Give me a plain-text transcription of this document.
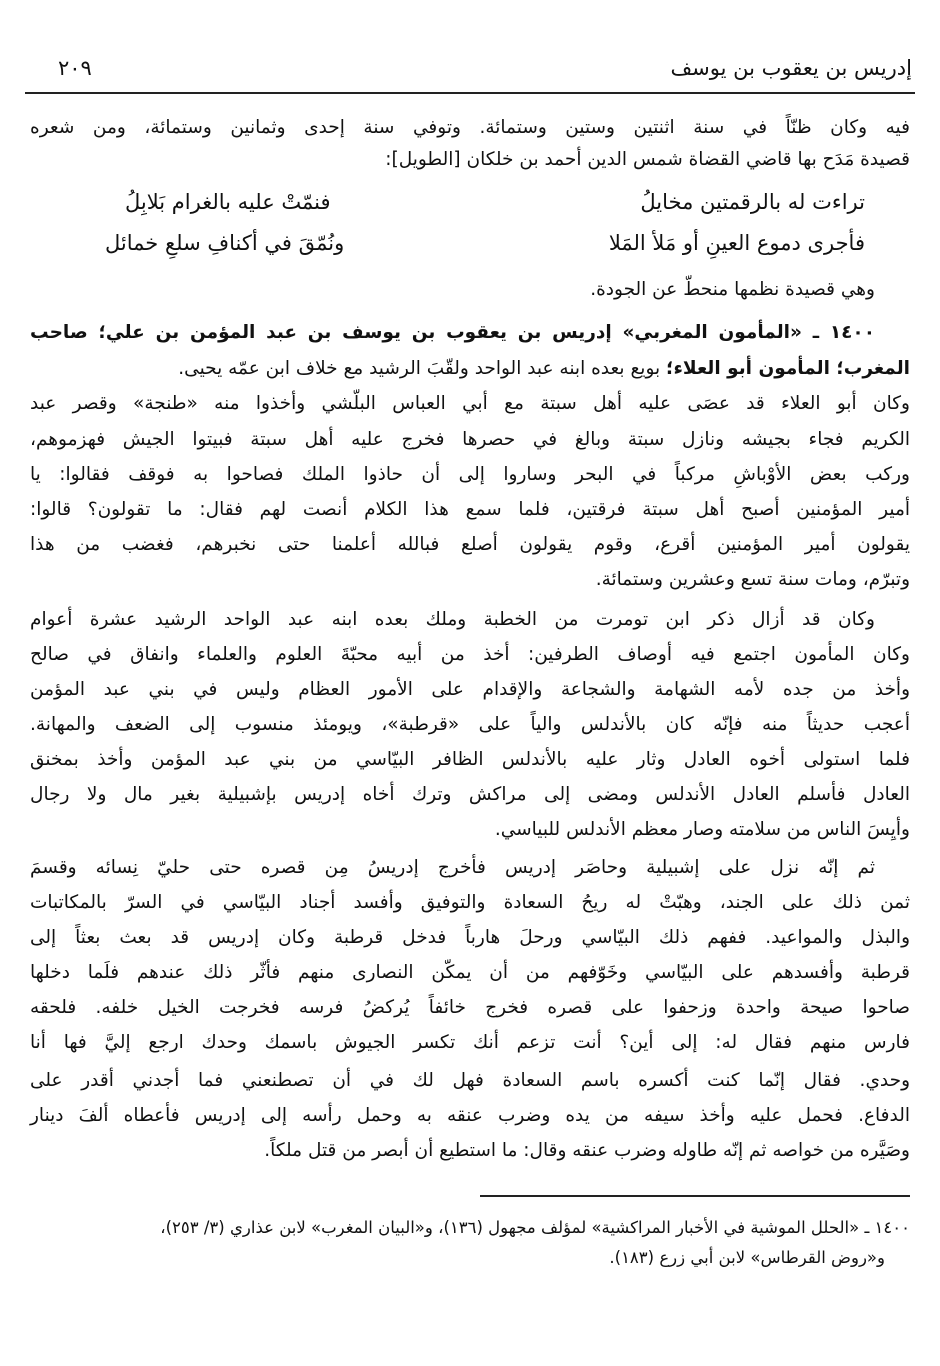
إدريس بن يعقوب بن يوسف
٢٠٩
فيه وكان ظنّاً في سنة اثنتين وستين وستمائة. وتوفي سنة إحدى وثمانين وستمائة، ومن شعره
قصيدة مَدَح بها قاضي القضاة شمس الدين أحمد بن خلكان [الطويل]:
تراءت له بالرقمتين مخايلُ
فنمّتْ عليه بالغرام بَلابِلُ
فأجرى دموع العينِ أو مَلأ المَلا
ونُمّقَ في أكنافِ سلعِ خمائل
وهي قصيدة نظمها منحطّ عن الجودة.
١٤٠٠ ـ «المأمون المغربي» إدريس بن يعقوب بن يوسف بن عبد المؤمن بن علي؛ صاحب
المغرب؛ المأمون أبو العلاء؛ بويع بعده ابنه عبد الواحد ولقّبَ الرشيد مع خلاف ابن عمّه يحيى.
وكان أبو العلاء قد عصَى عليه أهل سبتة مع أبي العباس البلّشي وأخذوا منه «طنجة» وقصر عبد
الكريم فجاء بجيشه ونازل سبتة وبالغ في حصرها فخرج عليه أهل سبتة فبيتوا الجيش فهزموهم،
وركب بعض الأوْباشِ مركباً في البحر وساروا إلى أن حاذوا الملك فصاحوا به فوقف فقالوا: يا
أمير المؤمنين أصبح أهل سبتة فرقتين، فلما سمع هذا الكلام أنصت لهم فقال: ما تقولون؟ قالوا:
يقولون أمير المؤمنين أقرع، وقوم يقولون أصلع فبالله أعلمنا حتى نخبرهم، فغضب من هذا
وتبرّم، ومات سنة تسع وعشرين وستمائة.
وكان قد أزال ذكر ابن تومرت من الخطبة وملك بعده ابنه عبد الواحد الرشيد عشرة أعوام
وكان المأمون اجتمع فيه أوصاف الطرفين: أخذ من أبيه محبّةَ العلوم والعلماء وانفاق في صالح
وأخذ من جده لأمه الشهامة والشجاعة والإقدام على الأمور العظام وليس في بني عبد المؤمن
أعجب حديثاً منه فإنّه كان بالأندلس والياً على «قرطبة»، ويومئذ منسوب إلى الضعف والمهانة.
فلما استولى أخوه العادل وثار عليه بالأندلس الظافر البيّاسي من بني عبد المؤمن وأخذ بمخنق
العادل فأسلم العادل الأندلس ومضى إلى مراكش وترك أخاه إدريس بإشبيلية بغير مال ولا رجال
وأيِسَ الناس من سلامته وصار معظم الأندلس للبياسي.
ثم إنّه نزل على إشبيلية وحاصَر إدريس فأخرج إدريسُ مِن قصره حتى حليّ نِسائه وقسمَ
ثمن ذلك على الجند، وهبّتْ له ريحُ السعادة والتوفيق وأفسد أجناد البيّاسي في السرّ بالمكاتبات
والبذل والمواعيد. ففهم ذلك البيّاسي ورحلَ هارباً فدخل قرطبة وكان إدريس قد بعث بعثاً إلى
قرطبة وأفسدهم على البيّاسي وخَوّفهم من أن يمكّن النصارى منهم فأثّر ذلك عندهم فلَما دخلها
صاحوا صيحة واحدة وزحفوا على قصره فخرج خائفاً يُركضُ فرسه فخرجت الخيل خلفه. فلحقه
فارس منهم فقال له: إلى أين؟ أنت تزعم أنك تكسر الجيوش باسمك وحدك ارجع إليَّ فها أنا
وحدي. فقال إنّما كنت أكسره باسم السعادة فهل لك في أن تصطنعني فما أجدني أقدر على
الدفاع. فحمل عليه وأخذ سيفه من يده وضرب عنقه به وحمل رأسه إلى إدريس فأعطاه ألفَ دينار
وصَيَّره من خواصه ثم إنّه طاوله وضرب عنقه وقال: ما استطيع أن أبصر من قتل ملكاً.
١٤٠٠ ـ «الحلل الموشية في الأخبار المراكشية» لمؤلف مجهول (١٣٦)، و«البيان المغرب» لابن عذاري (٣/ ٢٥٣)،
و«روض القرطاس» لابن أبي زرع (١٨٣).
